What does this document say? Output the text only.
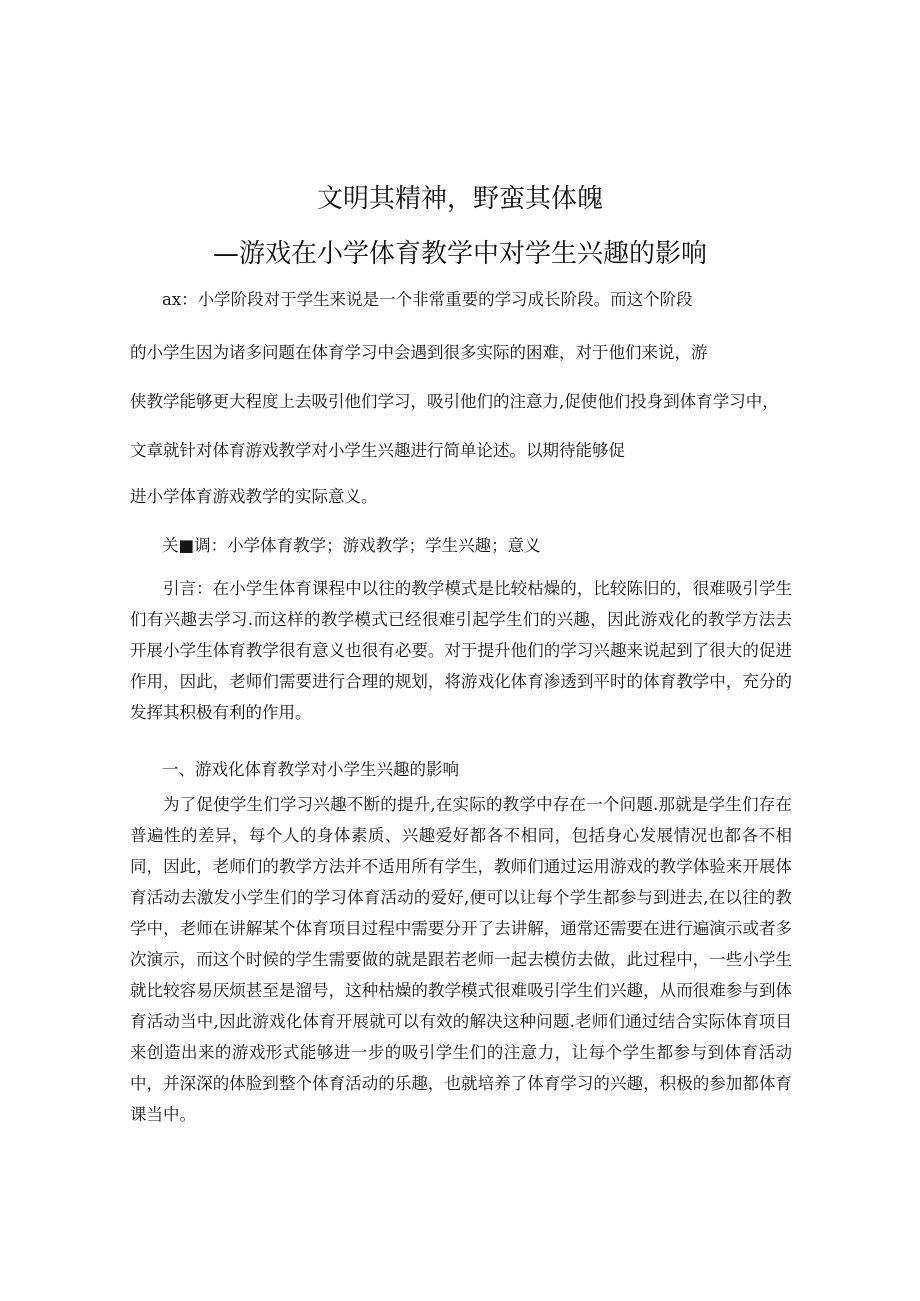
文明其精神，野蛮其体魄
—游戏在小学体育教学中对学生兴趣的影响
ax：小学阶段对于学生来说是一个非常重要的学习成长阶段。而这个阶段
的小学生因为诸多问题在体育学习中会遇到很多实际的困难，对于他们来说，游
侠教学能够更大程度上去吸引他们学习，吸引他们的注意力,促使他们投身到体育学习中，
文章就针对体育游戏教学对小学生兴趣进行简单论述。以期待能够促
进小学体育游戏教学的实际意义。
关■调：小学体育教学；游戏教学；学生兴趣；意义
引言：在小学生体育课程中以往的教学模式是比较枯燥的，比较陈旧的，很难吸引学生们有兴趣去学习.而这样的教学模式已经很难引起学生们的兴趣，因此游戏化的教学方法去开展小学生体育教学很有意义也很有必要。对于提升他们的学习兴趣来说起到了很大的促进作用，因此，老师们需要进行合理的规划，将游戏化体育渗透到平时的体育教学中，充分的发挥其积极有利的作用。
一、游戏化体育教学对小学生兴趣的影响
为了促使学生们学习兴趣不断的提升,在实际的教学中存在一个问题.那就是学生们存在普遍性的差异，每个人的身体素质、兴趣爱好都各不相同，包括身心发展情况也都各不相同，因此，老师们的教学方法并不适用所有学生，教师们通过运用游戏的教学体验来开展体育活动去激发小学生们的学习体育活动的爱好,便可以让每个学生都参与到进去,在以往的教学中，老师在讲解某个体育项目过程中需要分开了去讲解，通常还需要在进行遍演示或者多次演示，而这个时候的学生需要做的就是跟若老师一起去模仿去做，此过程中，一些小学生就比较容易厌烦甚至是溜号，这种枯燥的教学模式很难吸引学生们兴趣，从而很难参与到体育活动当中,因此游戏化体育开展就可以有效的解决这种问题.老师们通过结合实际体育项目来创造出来的游戏形式能够进一步的吸引学生们的注意力，让每个学生都参与到体育活动中，并深深的体脸到整个体育活动的乐趣，也就培养了体育学习的兴趣，积极的参加都体育课当中。
